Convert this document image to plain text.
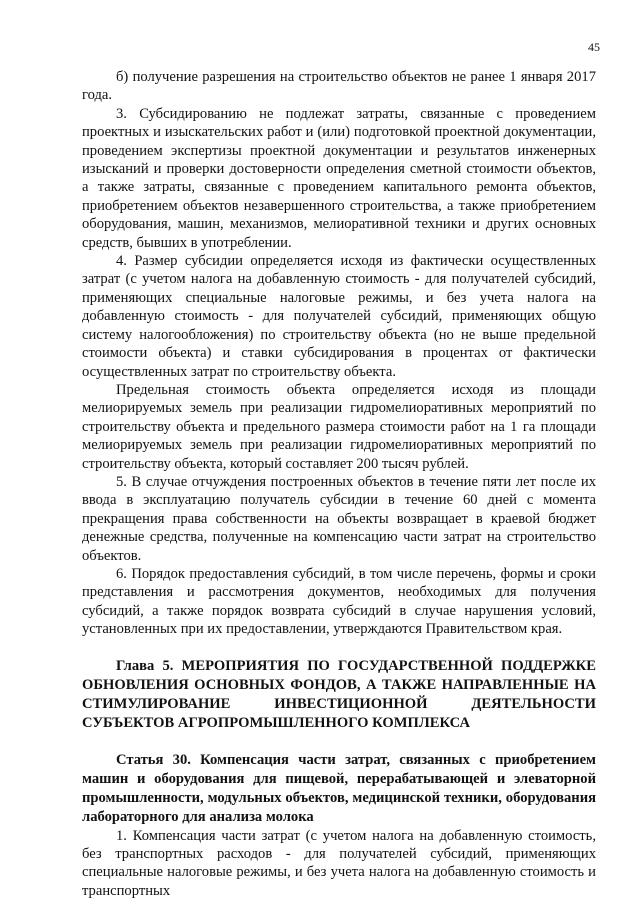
45

б) получение разрешения на строительство объектов не ранее 1 января 2017 года.

3. Субсидированию не подлежат затраты, связанные с проведением проектных и изыскательских работ и (или) подготовкой проектной документации, проведением экспертизы проектной документации и результатов инженерных изысканий и проверки достоверности определения сметной стоимости объектов, а также затраты, связанные с проведением капитального ремонта объектов, приобретением объектов незавершенного строительства, а также приобретением оборудования, машин, механизмов, мелиоративной техники и других основных средств, бывших в употреблении.

4. Размер субсидии определяется исходя из фактически осуществленных затрат (с учетом налога на добавленную стоимость - для получателей субсидий, применяющих специальные налоговые режимы, и без учета налога на добавленную стоимость - для получателей субсидий, применяющих общую систему налогообложения) по строительству объекта (но не выше предельной стоимости объекта) и ставки субсидирования в процентах от фактически осуществленных затрат по строительству объекта.

Предельная стоимость объекта определяется исходя из площади мелиорируемых земель при реализации гидромелиоративных мероприятий по строительству объекта и предельного размера стоимости работ на 1 га площади мелиорируемых земель при реализации гидромелиоративных мероприятий по строительству объекта, который составляет 200 тысяч рублей.

5. В случае отчуждения построенных объектов в течение пяти лет после их ввода в эксплуатацию получатель субсидии в течение 60 дней с момента прекращения права собственности на объекты возвращает в краевой бюджет денежные средства, полученные на компенсацию части затрат на строительство объектов.

6. Порядок предоставления субсидий, в том числе перечень, формы и сроки представления и рассмотрения документов, необходимых для получения субсидий, а также порядок возврата субсидий в случае нарушения условий, установленных при их предоставлении, утверждаются Правительством края.

Глава 5. МЕРОПРИЯТИЯ ПО ГОСУДАРСТВЕННОЙ ПОДДЕРЖКЕ ОБНОВЛЕНИЯ ОСНОВНЫХ ФОНДОВ, А ТАКЖЕ НАПРАВЛЕННЫЕ НА СТИМУЛИРОВАНИЕ ИНВЕСТИЦИОННОЙ ДЕЯТЕЛЬНОСТИ СУБЪЕКТОВ АГРОПРОМЫШЛЕННОГО КОМПЛЕКСА
Статья 30. Компенсация части затрат, связанных с приобретением машин и оборудования для пищевой, перерабатывающей и элеваторной промышленности, модульных объектов, медицинской техники, оборудования лабораторного для анализа молока

1. Компенсация части затрат (с учетом налога на добавленную стоимость, без транспортных расходов - для получателей субсидий, применяющих специальные налоговые режимы, и без учета налога на добавленную стоимость и транспортных
